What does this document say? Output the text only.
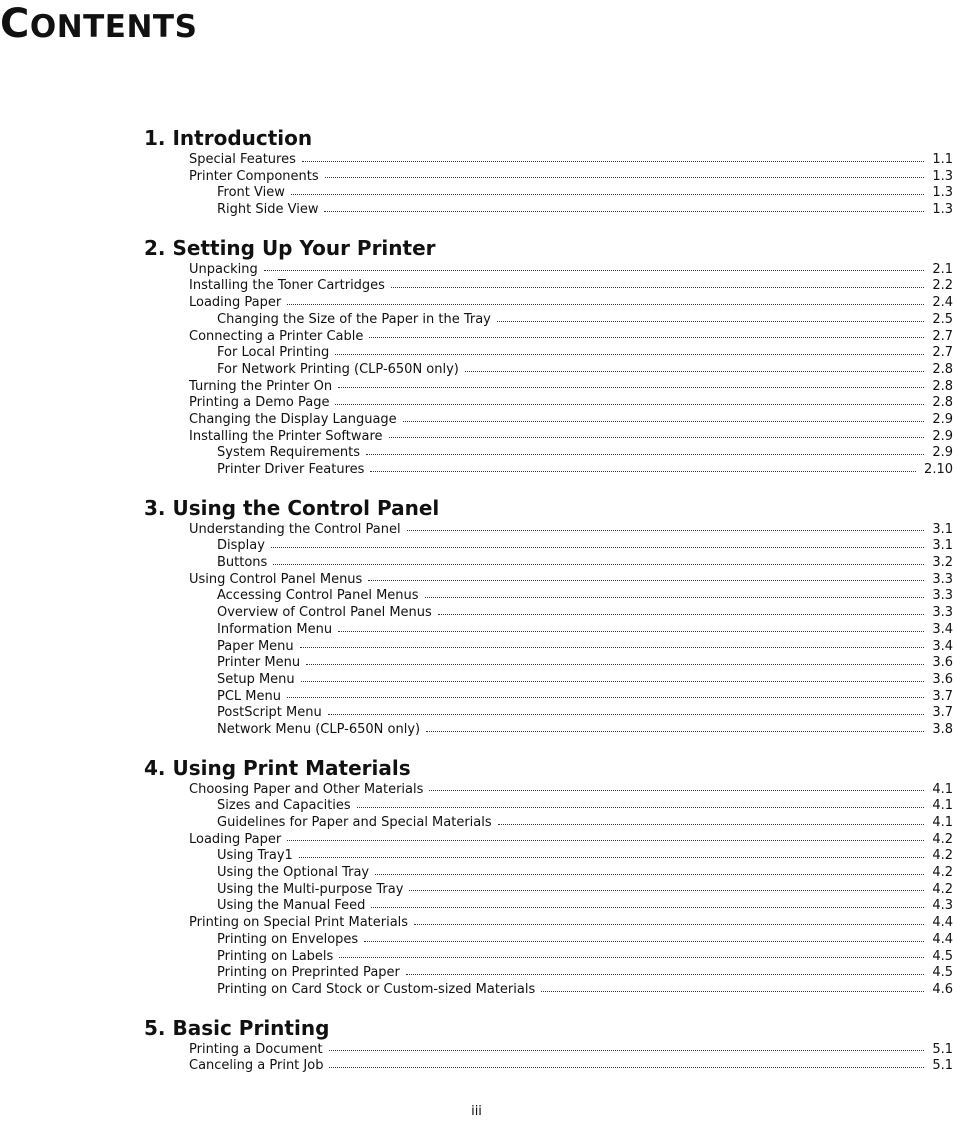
CONTENTS
1. Introduction
Special Features	1.1
Printer Components	1.3
Front View	1.3
Right Side View	1.3
2. Setting Up Your Printer
Unpacking	2.1
Installing the Toner Cartridges	2.2
Loading Paper	2.4
Changing the Size of the Paper in the Tray	2.5
Connecting a Printer Cable	2.7
For Local Printing	2.7
For Network Printing (CLP-650N only)	2.8
Turning the Printer On	2.8
Printing a Demo Page	2.8
Changing the Display Language	2.9
Installing the Printer Software	2.9
System Requirements	2.9
Printer Driver Features	2.10
3. Using the Control Panel
Understanding the Control Panel	3.1
Display	3.1
Buttons	3.2
Using Control Panel Menus	3.3
Accessing Control Panel Menus	3.3
Overview of Control Panel Menus	3.3
Information Menu	3.4
Paper Menu	3.4
Printer Menu	3.6
Setup Menu	3.6
PCL Menu	3.7
PostScript Menu	3.7
Network Menu (CLP-650N only)	3.8
4. Using Print Materials
Choosing Paper and Other Materials	4.1
Sizes and Capacities	4.1
Guidelines for Paper and Special Materials	4.1
Loading Paper	4.2
Using Tray1	4.2
Using the Optional Tray	4.2
Using the Multi-purpose Tray	4.2
Using the Manual Feed	4.3
Printing on Special Print Materials	4.4
Printing on Envelopes	4.4
Printing on Labels	4.5
Printing on Preprinted Paper	4.5
Printing on Card Stock or Custom-sized Materials	4.6
5. Basic Printing
Printing a Document	5.1
Canceling a Print Job	5.1
iii
